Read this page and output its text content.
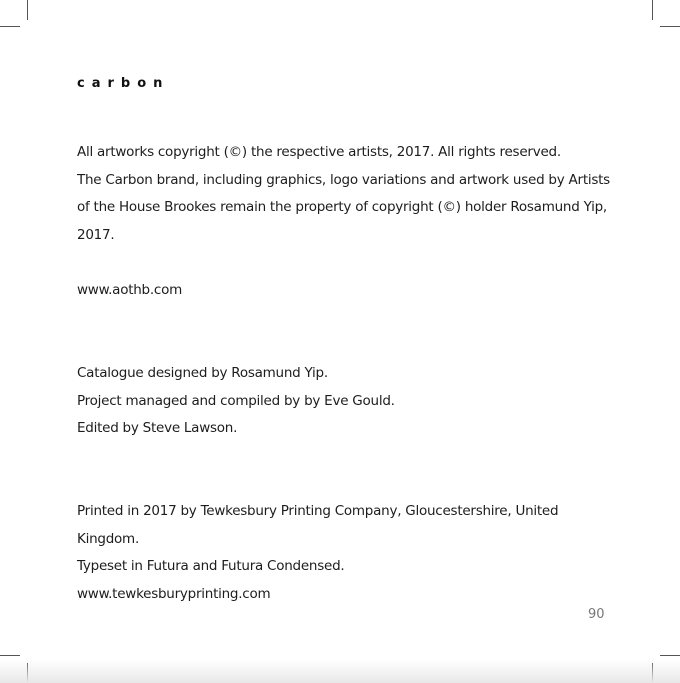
carbon

All artworks copyright (©) the respective artists, 2017. All rights reserved.

The Carbon brand, including graphics, logo variations and artwork used by Artists

of the House Brookes remain the property of copyright (©) holder Rosamund Yip,

2017.

www.aothb.com

Catalogue designed by Rosamund Yip.

Project managed and compiled by by Eve Gould.

Edited by Steve Lawson.

Printed in 2017 by Tewkesbury Printing Company, Gloucestershire, United Kingdom.

Typeset in Futura and Futura Condensed.

www.tewkesburyprinting.com

90
